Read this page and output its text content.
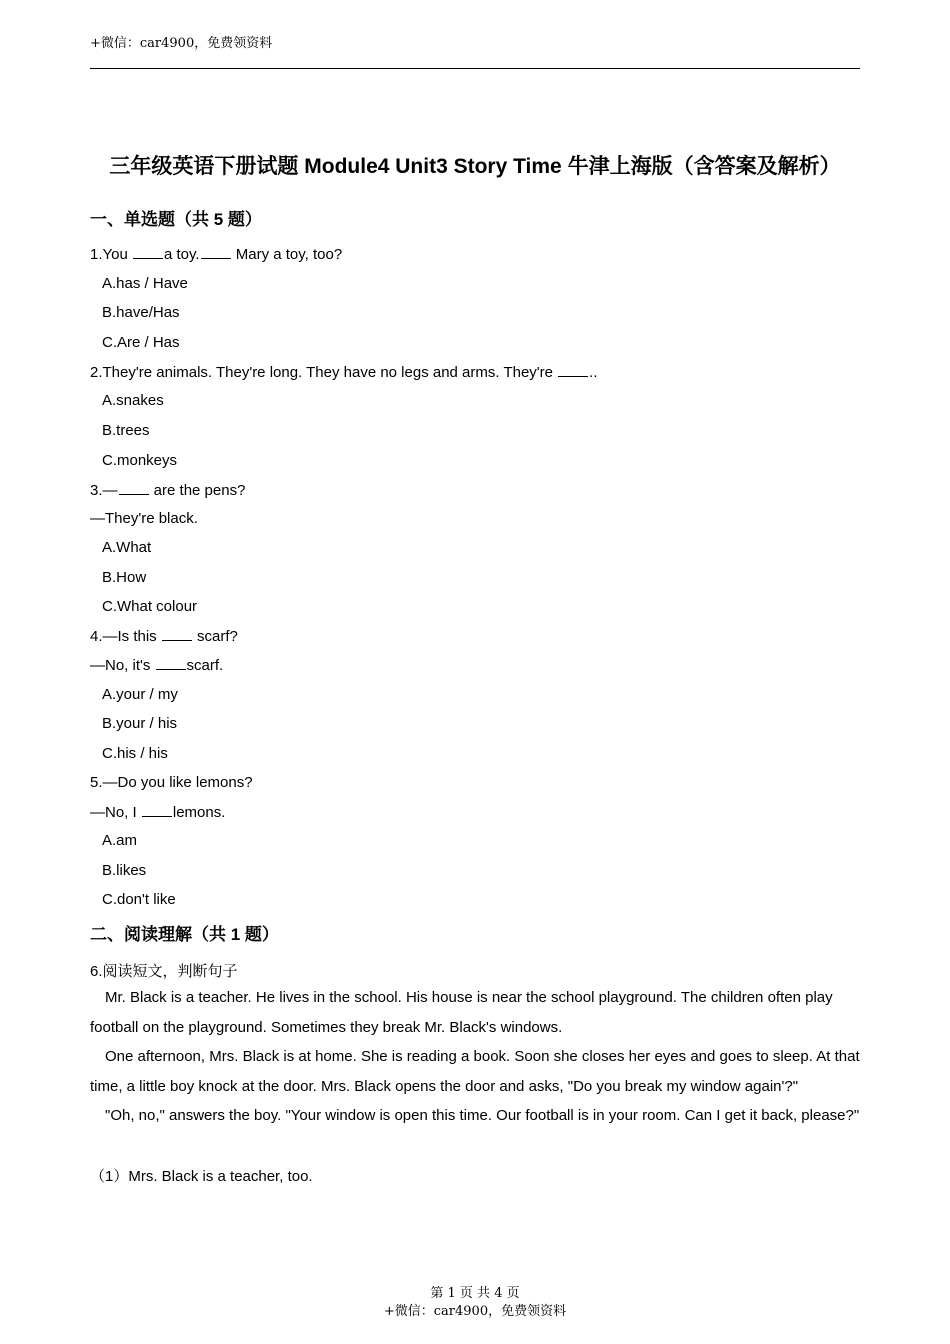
+微信：car4900，免费领资料
三年级英语下册试题 Module4 Unit3 Story Time 牛津上海版（含答案及解析）
一、单选题（共 5 题）
1.You a toy. Mary a toy, too?
A.has / Have
B.have/Has
C.Are / Has
2.They're animals. They're long. They have no legs and arms. They're ..
A.snakes
B.trees
C.monkeys
3.— are the pens?
—They're black.
A.What
B.How
C.What colour
4.—Is this  scarf?
—No, it's scarf.
A.your / my
B.your / his
C.his / his
5.—Do you like lemons?
—No, I lemons.
A.am
B.likes
C.don't like
二、阅读理解（共 1 题）
6.阅读短文，判断句子
Mr. Black is a teacher. He lives in the school. His house is near the school playground. The children often play football on the playground. Sometimes they break Mr. Black's windows.
One afternoon, Mrs. Black is at home. She is reading a book. Soon she closes her eyes and goes to sleep. At that time, a little boy knock at the door. Mrs. Black opens the door and asks, "Do you break my window again'?"
"Oh, no," answers the boy. "Your window is open this time. Our football is in your room. Can I get it back, please?"
（1）Mrs. Black is a teacher, too.
第 1 页 共 4 页
+微信：car4900，免费领资料
